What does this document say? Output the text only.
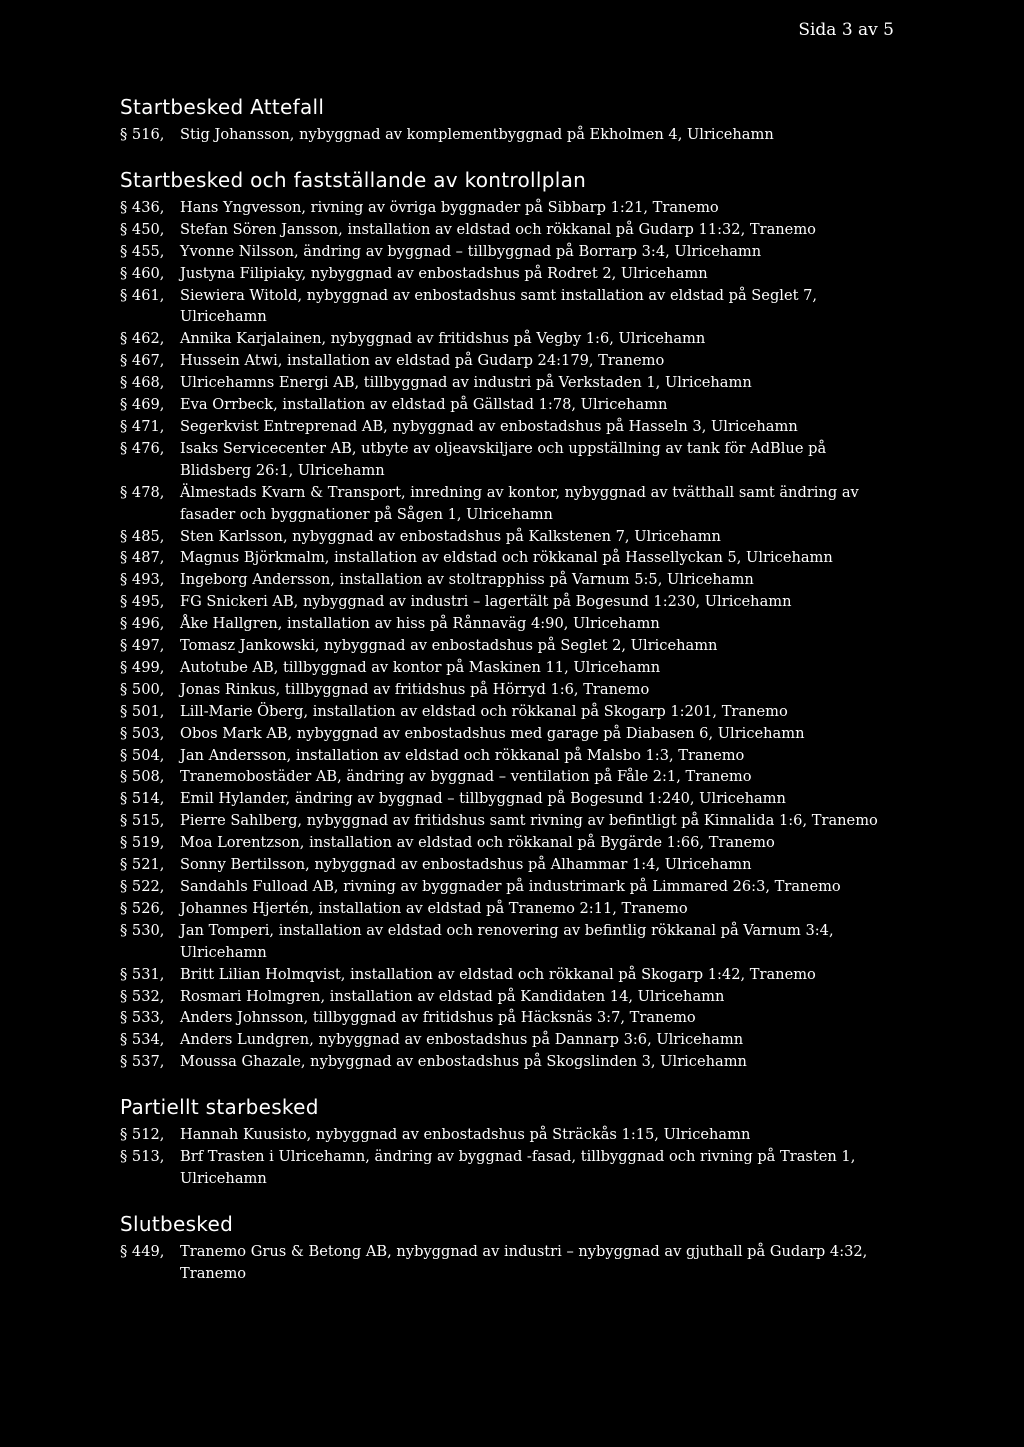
Sida 3 av 5
Startbesked Attefall
§ 516,	Stig Johansson, nybyggnad av komplementbyggnad på Ekholmen 4, Ulricehamn
Startbesked och fastställande av kontrollplan
§ 436,	Hans Yngvesson, rivning av övriga byggnader på Sibbarp 1:21, Tranemo
§ 450,	Stefan Sören Jansson, installation av eldstad och rökkanal på Gudarp 11:32, Tranemo
§ 455,	Yvonne Nilsson, ändring av byggnad – tillbyggnad på Borrarp 3:4, Ulricehamn
§ 460,	Justyna Filipiaky, nybyggnad av enbostadshus på Rodret 2, Ulricehamn
§ 461,	Siewiera Witold, nybyggnad av enbostadshus samt installation av eldstad på Seglet 7, Ulricehamn
§ 462,	Annika Karjalainen, nybyggnad av fritidshus på Vegby 1:6, Ulricehamn
§ 467,	Hussein Atwi, installation av eldstad på Gudarp 24:179, Tranemo
§ 468,	Ulricehamns Energi AB, tillbyggnad av industri på Verkstaden 1, Ulricehamn
§ 469,	Eva Orrbeck, installation av eldstad på Gällstad 1:78, Ulricehamn
§ 471,	Segerkvist Entreprenad AB, nybyggnad av enbostadshus på Hasseln 3, Ulricehamn
§ 476,	Isaks Servicecenter AB, utbyte av oljeavskiljare och uppställning av tank för AdBlue på Blidsberg 26:1, Ulricehamn
§ 478,	Älmestads Kvarn & Transport, inredning av kontor, nybyggnad av tvätthall samt ändring av fasader och byggnationer på Sågen 1, Ulricehamn
§ 485,	Sten Karlsson, nybyggnad av enbostadshus på Kalkstenen 7, Ulricehamn
§ 487,	Magnus Björkmalm, installation av eldstad och rökkanal på Hassellyckan 5, Ulricehamn
§ 493,	Ingeborg Andersson, installation av stoltrapphiss på Varnum 5:5, Ulricehamn
§ 495,	FG Snickeri AB, nybyggnad av industri – lagertält på Bogesund 1:230, Ulricehamn
§ 496,	Åke Hallgren, installation av hiss på Rånnaväg 4:90, Ulricehamn
§ 497,	Tomasz Jankowski, nybyggnad av enbostadshus på Seglet 2, Ulricehamn
§ 499,	Autotube AB, tillbyggnad av kontor på Maskinen 11, Ulricehamn
§ 500,	Jonas Rinkus, tillbyggnad av fritidshus på Hörryd 1:6, Tranemo
§ 501,	Lill-Marie Öberg, installation av eldstad och rökkanal på Skogarp 1:201, Tranemo
§ 503,	Obos Mark AB, nybyggnad av enbostadshus med garage på Diabasen 6, Ulricehamn
§ 504,	Jan Andersson, installation av eldstad och rökkanal på Malsbo 1:3, Tranemo
§ 508,	Tranemobostäder AB, ändring av byggnad – ventilation på Fåle 2:1, Tranemo
§ 514,	Emil Hylander, ändring av byggnad – tillbyggnad på Bogesund 1:240, Ulricehamn
§ 515,	Pierre Sahlberg, nybyggnad av fritidshus samt rivning av befintligt på Kinnalida 1:6, Tranemo
§ 519,	Moa Lorentzson, installation av eldstad och rökkanal på Bygärde 1:66, Tranemo
§ 521,	Sonny Bertilsson, nybyggnad av enbostadshus på Alhammar 1:4, Ulricehamn
§ 522,	Sandahls Fulload AB, rivning av byggnader på industrimark på Limmared 26:3, Tranemo
§ 526,	Johannes Hjertén, installation av eldstad på Tranemo 2:11, Tranemo
§ 530,	Jan Tomperi, installation av eldstad och renovering av befintlig rökkanal på Varnum 3:4, Ulricehamn
§ 531,	Britt Lilian Holmqvist, installation av eldstad och rökkanal på Skogarp 1:42, Tranemo
§ 532,	Rosmari Holmgren, installation av eldstad på Kandidaten 14, Ulricehamn
§ 533,	Anders Johnsson, tillbyggnad av fritidshus på Häcksnäs 3:7, Tranemo
§ 534,	Anders Lundgren, nybyggnad av enbostadshus på Dannarp 3:6, Ulricehamn
§ 537,	Moussa Ghazale, nybyggnad av enbostadshus på Skogslinden 3, Ulricehamn
Partiellt starbesked
§ 512,	Hannah Kuusisto, nybyggnad av enbostadshus på Sträckås 1:15, Ulricehamn
§ 513,	Brf Trasten i Ulricehamn, ändring av byggnad -fasad, tillbyggnad och rivning på Trasten 1, Ulricehamn
Slutbesked
§ 449,	Tranemo Grus & Betong AB, nybyggnad av industri – nybyggnad av gjuthall på Gudarp 4:32, Tranemo
